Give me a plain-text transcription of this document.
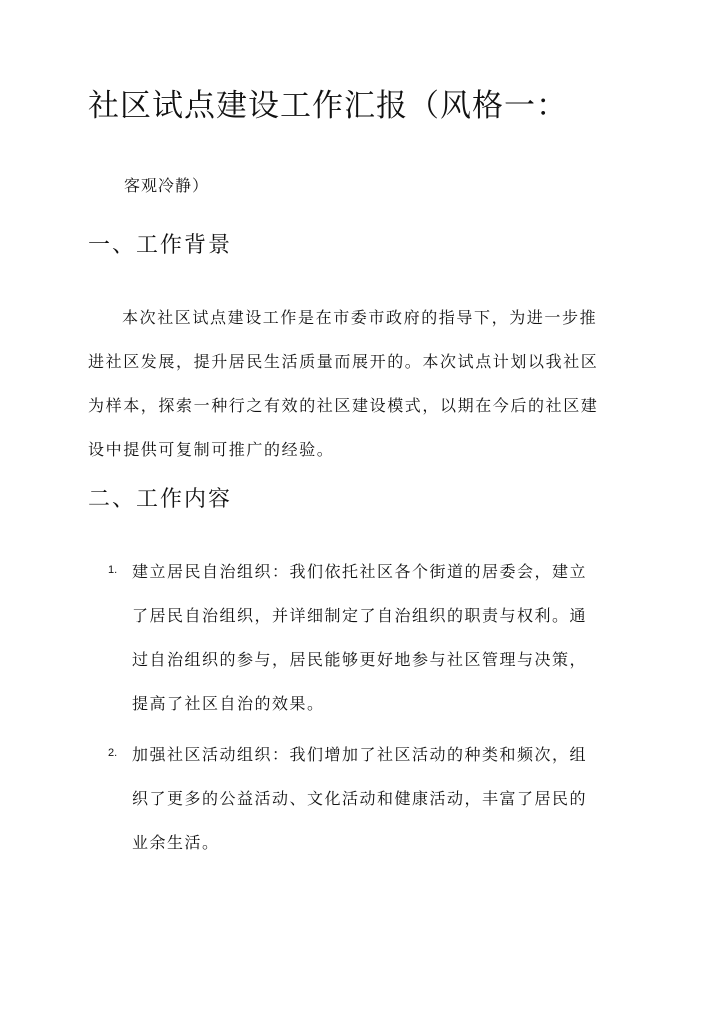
社区试点建设工作汇报（风格一：
客观冷静）
一、工作背景
本次社区试点建设工作是在市委市政府的指导下，为进一步推
进社区发展，提升居民生活质量而展开的。本次试点计划以我社区
为样本，探索一种行之有效的社区建设模式，以期在今后的社区建
设中提供可复制可推广的经验。
二、工作内容
1. 建立居民自治组织：我们依托社区各个街道的居委会，建立
了居民自治组织，并详细制定了自治组织的职责与权利。通
过自治组织的参与，居民能够更好地参与社区管理与决策，
提高了社区自治的效果。
2. 加强社区活动组织：我们增加了社区活动的种类和频次，组
织了更多的公益活动、文化活动和健康活动，丰富了居民的
业余生活。
